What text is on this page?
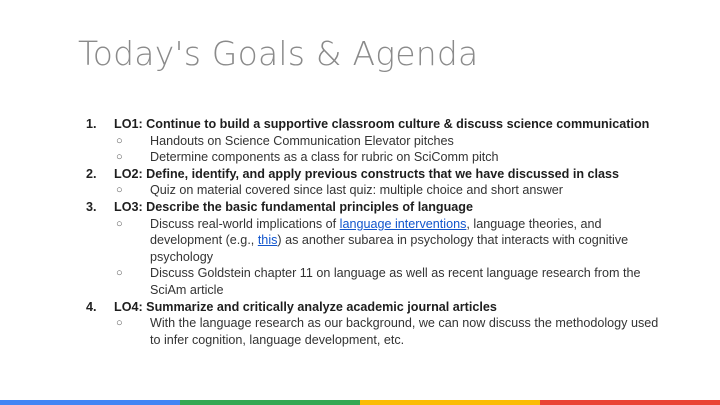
Today's Goals & Agenda
1. LO1: Continue to build a supportive classroom culture & discuss science communication
○ Handouts on Science Communication Elevator pitches
○ Determine components as a class for rubric on SciComm pitch
2. LO2: Define, identify, and apply previous constructs that we have discussed in class
○ Quiz on material covered since last quiz: multiple choice and short answer
3. LO3: Describe the basic fundamental principles of language
○ Discuss real-world implications of language interventions, language theories, and development (e.g., this) as another subarea in psychology that interacts with cognitive psychology
○ Discuss Goldstein chapter 11 on language as well as recent language research from the SciAm article
4. LO4: Summarize and critically analyze academic journal articles
○ With the language research as our background, we can now discuss the methodology used to infer cognition, language development, etc.
